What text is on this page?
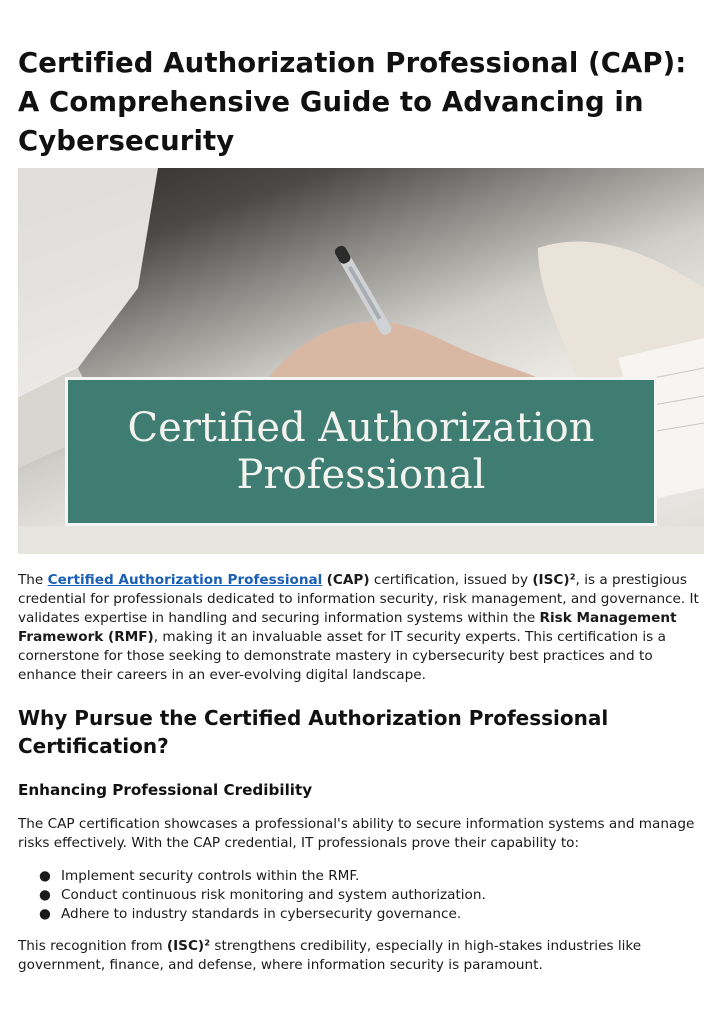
Certified Authorization Professional (CAP): A Comprehensive Guide to Advancing in Cybersecurity
Certified Authorization
Professional

The Certified Authorization Professional (CAP) certification, issued by (ISC)², is a prestigious credential for professionals dedicated to information security, risk management, and governance. It validates expertise in handling and securing information systems within the Risk Management Framework (RMF), making it an invaluable asset for IT security experts. This certification is a cornerstone for those seeking to demonstrate mastery in cybersecurity best practices and to enhance their careers in an ever-evolving digital landscape.

Why Pursue the Certified Authorization Professional Certification?
Enhancing Professional Credibility

The CAP certification showcases a professional's ability to secure information systems and manage risks effectively. With the CAP credential, IT professionals prove their capability to:

● Implement security controls within the RMF.
● Conduct continuous risk monitoring and system authorization.
● Adhere to industry standards in cybersecurity governance.

This recognition from (ISC)² strengthens credibility, especially in high-stakes industries like government, finance, and defense, where information security is paramount.
